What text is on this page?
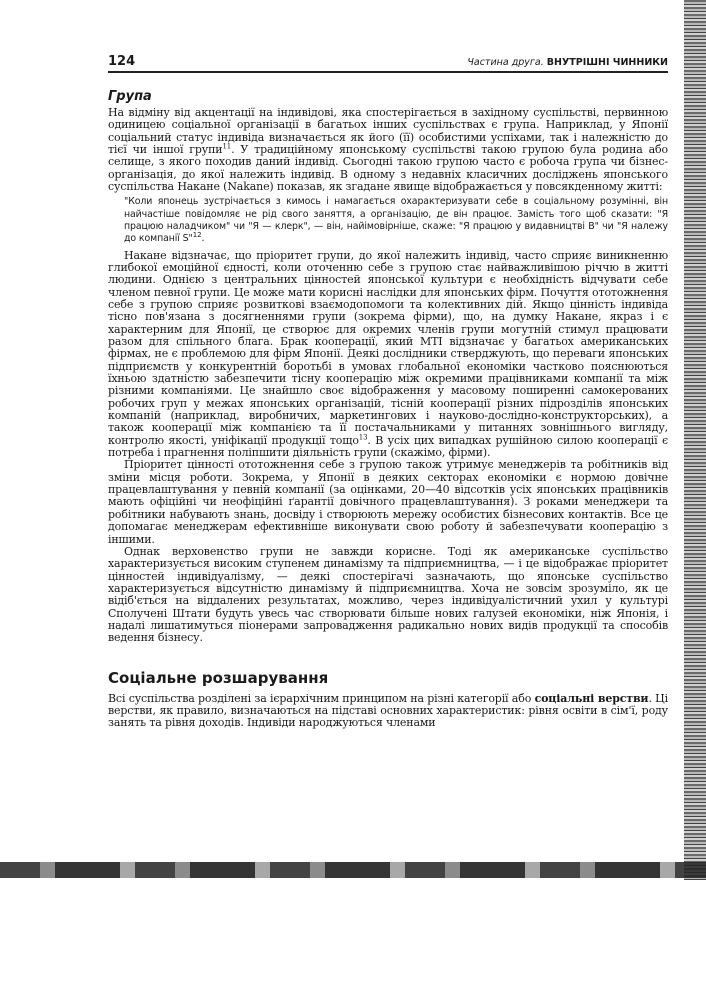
124	Частина друга. ВНУТРІШНІ ЧИННИКИ
Група

На відміну від акцентації на індивідові, яка спостерігається в західному суспільстві, первинною одиницею соціальної організації в багатьох інших суспільствах є група. Наприклад, у Японії соціальний статус індивіда визначається як його (її) особистими успіхами, так і належністю до тієї чи іншої групи$^{11}$. У традиційному японському суспільстві такою групою була родина або селище, з якого походив даний індивід. Сьогодні такою групою часто є робоча група чи бізнес-організація, до якої належить індивід. В одному з недавніх класичних досліджень японського суспільства Накане (Nakane) показав, як згадане явище відображається у повсякденному житті:

"Коли японець зустрічається з кимось і намагається охарактеризувати себе в соціальному розумінні, він найчастіше повідомляє не рід свого заняття, а організацію, де він працює. Замість того щоб сказати: "Я працюю наладчиком" чи "Я — клерк", — він, найімовірніше, скаже: "Я працюю у видавництві B" чи "Я належу до компанії S"$^{12}$.

Накане відзначає, що пріоритет групи, до якої належить індивід, часто сприяє виникненню глибокої емоційної єдності, коли оточенню себе з групою стає найважливішою річчю в житті людини. Однією з центральних цінностей японської культури є необхідність відчувати себе членом певної групи. Це може мати корисні наслідки для японських фірм. Почуття ототожнення себе з групою сприяє розвиткові взаємодопомоги та колективних дій. Якщо цінність індивіда тісно пов'язана з досягненнями групи (зокрема фірми), що, на думку Накане, якраз і є характерним для Японії, це створює для окремих членів групи могутній стимул працювати разом для спільного блага. Брак кооперації, який MTI відзначає у багатьох американських фірмах, не є проблемою для фірм Японії. Деякі дослідники стверджують, що переваги японських підприємств у конкурентній боротьбі в умовах глобальної економіки частково пояснюються їхньою здатністю забезпечити тісну кооперацію між окремими працівниками компанії та між різними компаніями. Це знайшло своє відображення у масовому поширенні самокерованих робочих груп у межах японських організацій, тісній кооперації різних підрозділів японських компаній (наприклад, виробничих, маркетингових і науково-дослідно-конструкторських), а також кооперації між компанією та її постачальниками у питаннях зовнішнього вигляду, контролю якості, уніфікації продукції тощо$^{13}$. В усіх цих випадках рушійною силою кооперації є потреба і прагнення поліпшити діяльність групи (скажімо, фірми).

Пріоритет цінності ототожнення себе з групою також утримує менеджерів та робітників від зміни місця роботи. Зокрема, у Японії в деяких секторах економіки є нормою довічне працевлаштування у певній компанії (за оцінками, 20—40 відсотків усіх японських працівників мають офіційні чи неофіційні ґарантії довічного працевлаштування). З роками менеджери та робітники набувають знань, досвіду і створюють мережу особистих бізнесових контактів. Все це допомагає менеджерам ефективніше виконувати свою роботу й забезпечувати кооперацію з іншими.

Однак верховенство групи не завжди корисне. Тоді як американське суспільство характеризується високим ступенем динамізму та підприємництва, — і це відображає пріоритет цінностей індивідуалізму, — деякі спостерігачі зазначають, що японське суспільство характеризується відсутністю динамізму й підприємництва. Хоча не зовсім зрозуміло, як це відіб'ється на віддалених результатах, можливо, через індивідуалістичний ухил у культурі Сполучені Штати будуть увесь час створювати більше нових галузей економіки, ніж Японія, і надалі лишатимуться піонерами запровадження радикально нових видів продукції та способів ведення бізнесу.

Соціальне розшарування

Всі суспільства розділені за ієрархічним принципом на різні категорії або соціальні верстви. Ці верстви, як правило, визначаються на підставі основних характеристик: рівня освіти в сім'ї, роду занять та рівня доходів. Індивіди народжуються членами
